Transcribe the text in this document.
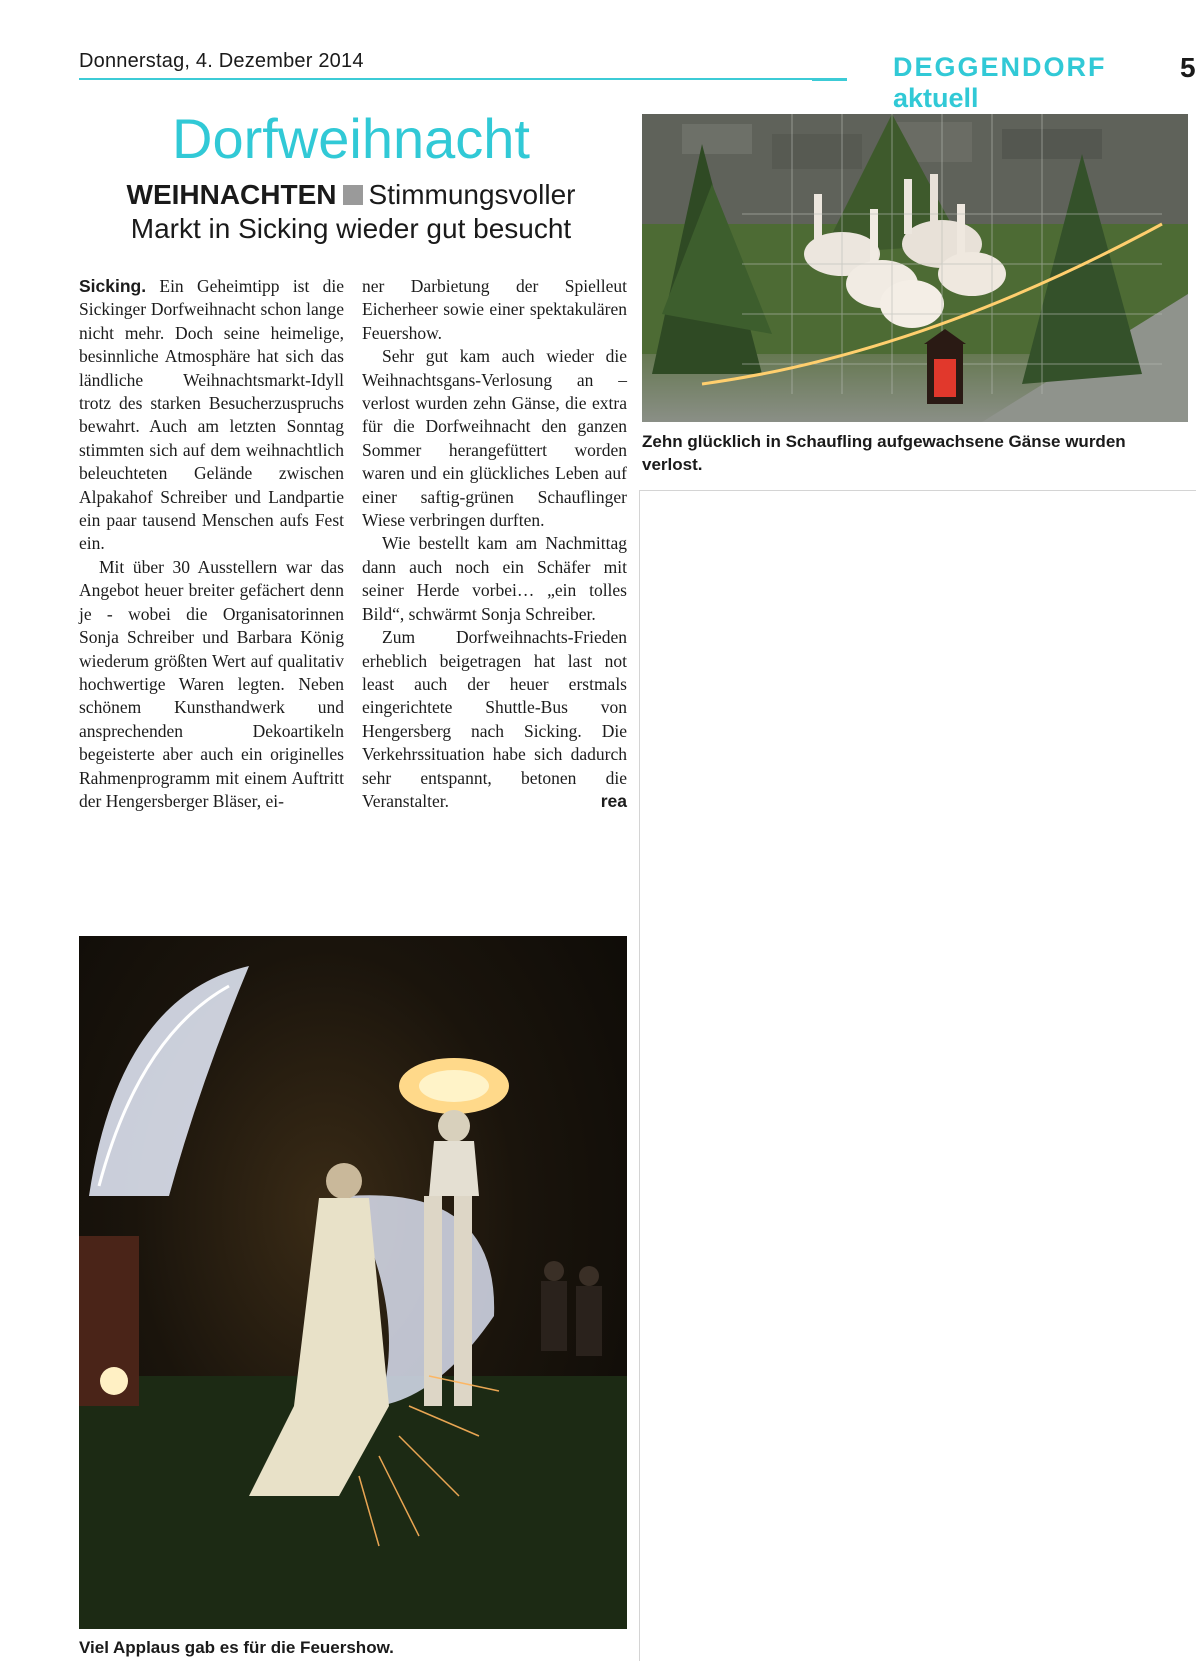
Donnerstag, 4. Dezember 2014	DEGGENDORF aktuell
5
Dorfweihnacht
WEIHNACHTEN Stimmungsvoller
Markt in Sicking wieder gut besucht

Sicking. Ein Geheimtipp ist die Sickinger Dorfweihnacht schon lange nicht mehr. Doch seine heimelige, besinnliche Atmosphäre hat sich das ländliche Weihnachtsmarkt-Idyll trotz des starken Besucherzuspruchs bewahrt. Auch am letzten Sonntag stimmten sich auf dem weihnachtlich beleuchteten Gelände zwischen Alpakahof Schreiber und Landpartie ein paar tausend Menschen aufs Fest ein.

Mit über 30 Ausstellern war das Angebot heuer breiter gefächert denn je - wobei die Organisatorinnen Sonja Schreiber und Barbara König wiederum größten Wert auf qualitativ hochwertige Waren legten. Neben schönem Kunsthandwerk und ansprechenden Dekoartikeln begeisterte aber auch ein originelles Rahmenprogramm mit einem Auftritt der Hengersberger Bläser, ei-

ner Darbietung der Spielleut Eicherheer sowie einer spektakulären Feuershow.

Sehr gut kam auch wieder die Weihnachtsgans-Verlosung an – verlost wurden zehn Gänse, die extra für die Dorfweihnacht den ganzen Sommer herangefüttert worden waren und ein glückliches Leben auf einer saftig-grünen Schauflinger Wiese verbringen durften.

Wie bestellt kam am Nachmittag dann auch noch ein Schäfer mit seiner Herde vorbei… „ein tolles Bild“, schwärmt Sonja Schreiber.

Zum Dorfweihnachts-Frieden erheblich beigetragen hat last not least auch der heuer erstmals eingerichtete Shuttle-Bus von Hengersberg nach Sicking. Die Verkehrssituation habe sich dadurch sehr entspannt, betonen die Veranstalter.	rea

Zehn glücklich in Schaufling aufgewachsene Gänse wurden verlost.
Viel Applaus gab es für die Feuershow.
